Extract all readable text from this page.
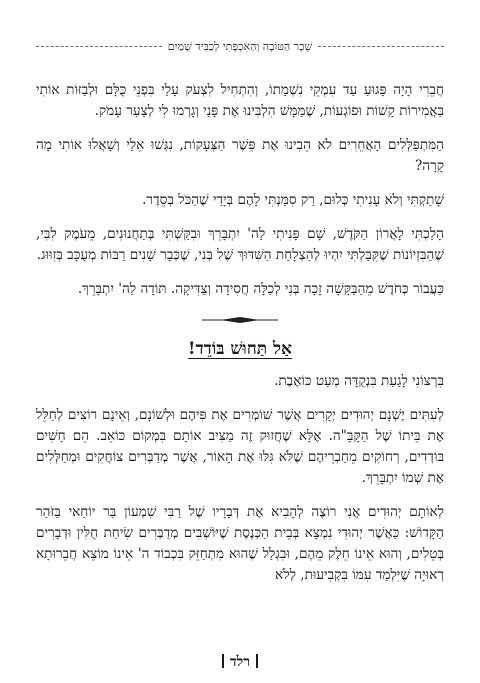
שָׁכָר הַטּוֹבָה וְהַאִכְפָּתִי לְכַבִּיד שָׁמַיִם

חֲבֵרִי הָיָה פָּגוּעַ עַד עִמְקֵי נִשְׁמָתוֹ, וְהִתְחִיל לִצְעֹק עָלַי בִּפְנֵי כֻּלָּם וּלְבַזּוֹת אוֹתִי בַּאֲמִירוֹת קָשׁוֹת וּפוֹגְעוֹת, שֶׁמַּמָּשׁ הִלְבִּינוּ אֶת פָּנַי וְגָרְמוּ לִי לְצַעַר עָמֹק.

הַמִּתְפַּלְּלִים הָאֲחֵרִים לֹא הֵבִינוּ אֶת פֵּשֶׁר הַצְּעָקוֹת, נִגְּשׁוּ אֵלַי וְשָׁאֲלוּ אוֹתִי מָה קָרָה?

שָׁתַקְתִּי וְלֹא עָנִיתִי כְּלוּם, רַק סִמַּנְתִּי לָהֶם בְּיָדַי שֶׁהַכֹּל בְּסֵדֶר.

הָלַכְתִּי לָאֲרוֹן הַקֹּדֶשׁ, שָׁם פָּנִיתִי לַה' יִתְבָּרֵךְ וּבִקַּשְׁתִּי בְּתַחֲנוּנִים, מֵעֹמֶק לִבִּי, שֶׁהַבִּזְיוֹנוֹת שֶׁקִּבַּלְתִּי יִהְיוּ לְהַצְלָחַת הַשִּׁדּוּךְ שֶׁל בְּנִי, שֶׁכְּבָר שָׁנִים רַבּוֹת מְעֻכָּב בְּזִוּוּג.

כַּעֲבוֹר כְּחֹדֶשׁ מֵהַבַּקָּשָׁה זָכָה בְּנִי לְכַלָּה חֲסִידָה וְצַדִּיקָה. תּוֹדָה לַה' יִתְבָּרֵךְ.

אַל תַּחוּשׁ בּוֹדֵד!

בִּרְצוֹנִי לָגַעַת בִּנְקֻדָּה מְעַט כּוֹאֶבֶת.

לְעִתִּים יֶשְׁנָם יְהוּדִים יְקָרִים אֲשֶׁר שׁוֹמְרִים אֶת פִּיהֶם וּלְשׁוֹנָם, וְאֵינָם רוֹצִים לְחַלֵּל אֶת בֵּיתוֹ שֶׁל הַקָּבָּ"ה. אֶלָּא שֶׁחֲזוּק זֶה מַצִּיב אוֹתָם בִּמְקוֹם כּוֹאֵב. הֵם חָשִׁים בּוֹדְדִים, רְחוֹקִים מֵחַבְרֵיהֶם שֶׁלֹּא גִּלּוּ אֶת הָאוֹר, אֲשֶׁר מְדַבְּרִים צוֹחֲקִים וּמְחַלְּלִים אֶת שְׁמוֹ יִתְבָּרֵךְ.

לְאוֹתָם יְהוּדִים אֲנִי רוֹצֶה לְהָבִיא אֶת דְּבָרָיו שֶׁל רַבִּי שִׁמְעוֹן בַּר יוֹחַאי בַּזֹּהַר הַקָּדוֹשׁ: כַּאֲשֶׁר יְהוּדִי נִמְצָא בְּבֵית הַכְּנֶסֶת שֶׁיּוֹשְׁבִים מְדַבְּרִים שִׂיחַת חֻלִּין וּדְבָרִים בְּטֵלִים, וְהוּא אֵינוֹ חֵלֶק מֵהֶם, וּבִגְלַל שֶׁהוּא מִתְחַזֵּק בִּכְבוֹד ה' אֵינוֹ מוֹצֵא חֲבֵרוּתָא רְאוּיָה שֶׁיִּלְמַד עִמּוֹ בִּקְבִיעוּת, לְלֹא

רלד
